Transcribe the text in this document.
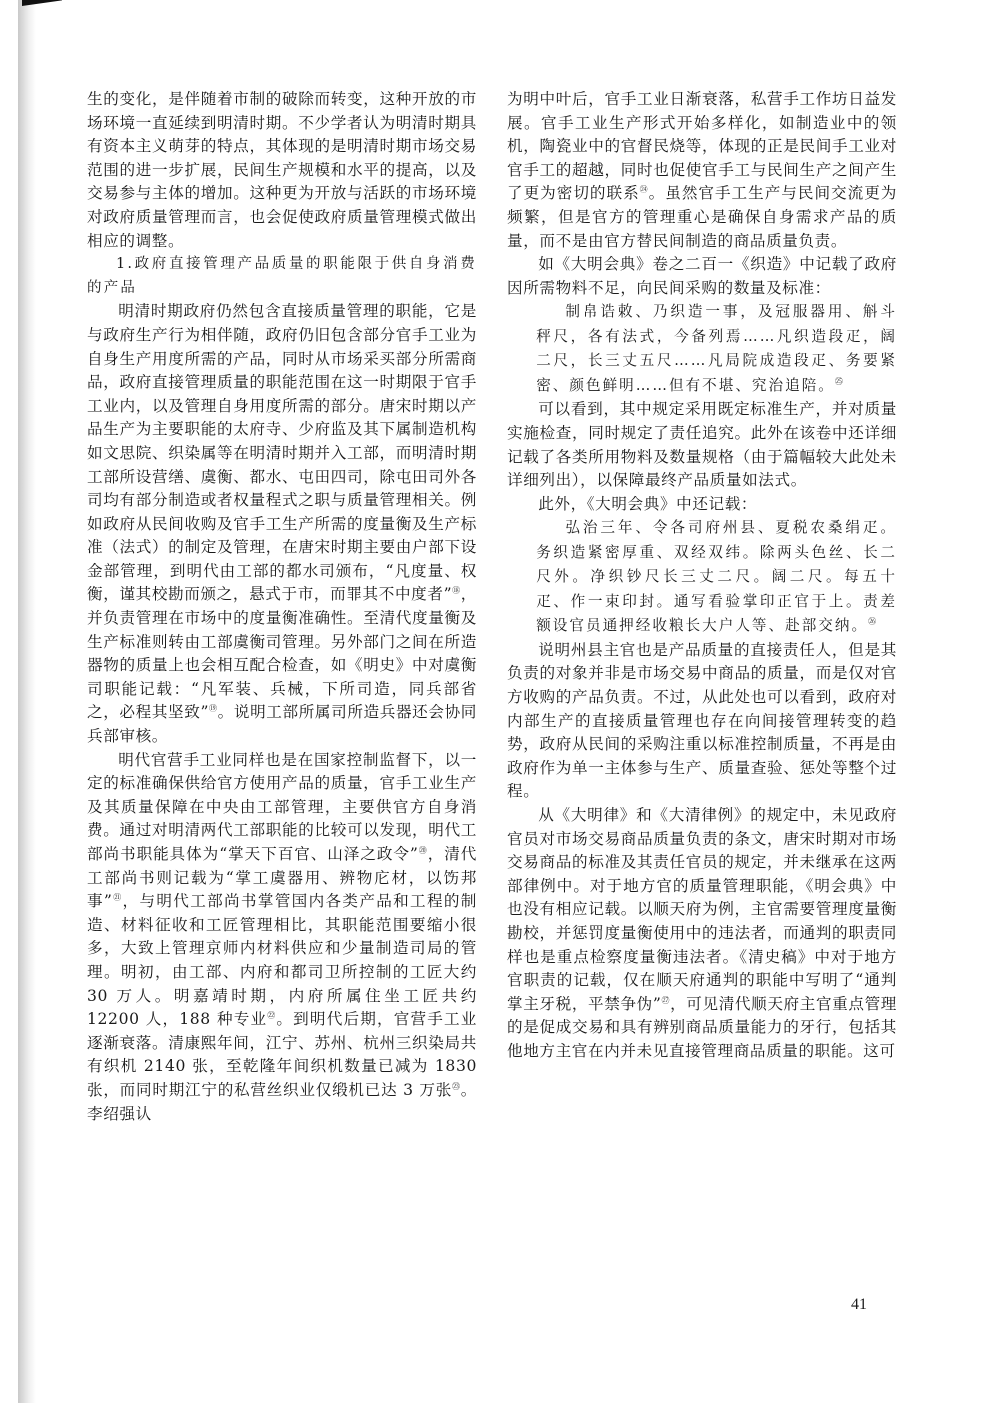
生的变化，是伴随着市制的破除而转变，这种开放的市场环境一直延续到明清时期。不少学者认为明清时期具有资本主义萌芽的特点，其体现的是明清时期市场交易范围的进一步扩展，民间生产规模和水平的提高，以及交易参与主体的增加。这种更为开放与活跃的市场环境对政府质量管理而言，也会促使政府质量管理模式做出相应的调整。

1.政府直接管理产品质量的职能限于供自身消费的产品

明清时期政府仍然包含直接质量管理的职能，它是与政府生产行为相伴随，政府仍旧包含部分官手工业为自身生产用度所需的产品，同时从市场采买部分所需商品，政府直接管理质量的职能范围在这一时期限于官手工业内，以及管理自身用度所需的部分。唐宋时期以产品生产为主要职能的太府寺、少府监及其下属制造机构如文思院、织染属等在明清时期并入工部，而明清时期工部所设营缮、虞衡、都水、屯田四司，除屯田司外各司均有部分制造或者权量程式之职与质量管理相关。例如政府从民间收购及官手工生产所需的度量衡及生产标准（法式）的制定及管理，在唐宋时期主要由户部下设金部管理，到明代由工部的都水司颁布，“凡度量、权衡，谨其校勘而颁之，悬式于市，而罪其不中度者”⑱，并负责管理在市场中的度量衡准确性。至清代度量衡及生产标准则转由工部虞衡司管理。另外部门之间在所造器物的质量上也会相互配合检查，如《明史》中对虞衡司职能记载：“凡军装、兵械，下所司造，同兵部省之，必程其坚致”⑲。说明工部所属司所造兵器还会协同兵部审核。

明代官营手工业同样也是在国家控制监督下，以一定的标准确保供给官方使用产品的质量，官手工业生产及其质量保障在中央由工部管理，主要供官方自身消费。通过对明清两代工部职能的比较可以发现，明代工部尚书职能具体为“掌天下百官、山泽之政令”⑳，清代工部尚书则记载为“掌工虞器用、辨物庀材，以饬邦事”$^㉑$，与明代工部尚书掌管国内各类产品和工程的制造、材料征收和工匠管理相比，其职能范围要缩小很多，大致上管理京师内材料供应和少量制造司局的管理。明初，由工部、内府和都司卫所控制的工匠大约 30 万人。明嘉靖时期，内府所属住坐工匠共约 12200 人，188 种专业$^㉒$。到明代后期，官营手工业逐渐衰落。清康熙年间，江宁、苏州、杭州三织染局共有织机 2140 张，至乾隆年间织机数量已减为 1830 张，而同时期江宁的私营丝织业仅缎机已达 3 万张$^㉓$。李绍强认

为明中叶后，官手工业日渐衰落，私营手工作坊日益发展。官手工业生产形式开始多样化，如制造业中的领机，陶瓷业中的官督民烧等，体现的正是民间手工业对官手工的超越，同时也促使官手工与民间生产之间产生了更为密切的联系$^㉔$。虽然官手工生产与民间交流更为频繁，但是官方的管理重心是确保自身需求产品的质量，而不是由官方替民间制造的商品质量负责。

如《大明会典》卷之二百一《织造》中记载了政府因所需物料不足，向民间采购的数量及标准：

制帛诰敕、乃织造一事，及冠服器用、斛斗秤尺，各有法式，今备列焉……凡织造段疋，阔二尺，长三丈五尺……凡局院成造段疋、务要紧密、颜色鲜明……但有不堪、究治追陪。$^㉕$

可以看到，其中规定采用既定标准生产，并对质量实施检查，同时规定了责任追究。此外在该卷中还详细记载了各类所用物料及数量规格（由于篇幅较大此处未详细列出），以保障最终产品质量如法式。

此外，《大明会典》中还记载：

弘治三年、令各司府州县、夏税农桑绢疋。务织造紧密厚重、双经双纬。除两头色丝、长二尺外。净织钞尺长三丈二尺。阔二尺。每五十疋、作一束印封。通写看验掌印正官于上。责差额设官员通押经收粮长大户人等、赴部交纳。$^㉖$

说明州县主官也是产品质量的直接责任人，但是其负责的对象并非是市场交易中商品的质量，而是仅对官方收购的产品负责。不过，从此处也可以看到，政府对内部生产的直接质量管理也存在向间接管理转变的趋势，政府从民间的采购注重以标准控制质量，不再是由政府作为单一主体参与生产、质量查验、惩处等整个过程。

从《大明律》和《大清律例》的规定中，未见政府官员对市场交易商品质量负责的条文，唐宋时期对市场交易商品的标准及其责任官员的规定，并未继承在这两部律例中。对于地方官的质量管理职能，《明会典》中也没有相应记载。以顺天府为例，主官需要管理度量衡勘校，并惩罚度量衡使用中的违法者，而通判的职责同样也是重点检察度量衡违法者。《清史稿》中对于地方官职责的记载，仅在顺天府通判的职能中写明了“通判掌主牙税，平禁争伪”$^㉗$，可见清代顺天府主官重点管理的是促成交易和具有辨别商品质量能力的牙行，包括其他地方主官在内并未见直接管理商品质量的职能。这可

41
